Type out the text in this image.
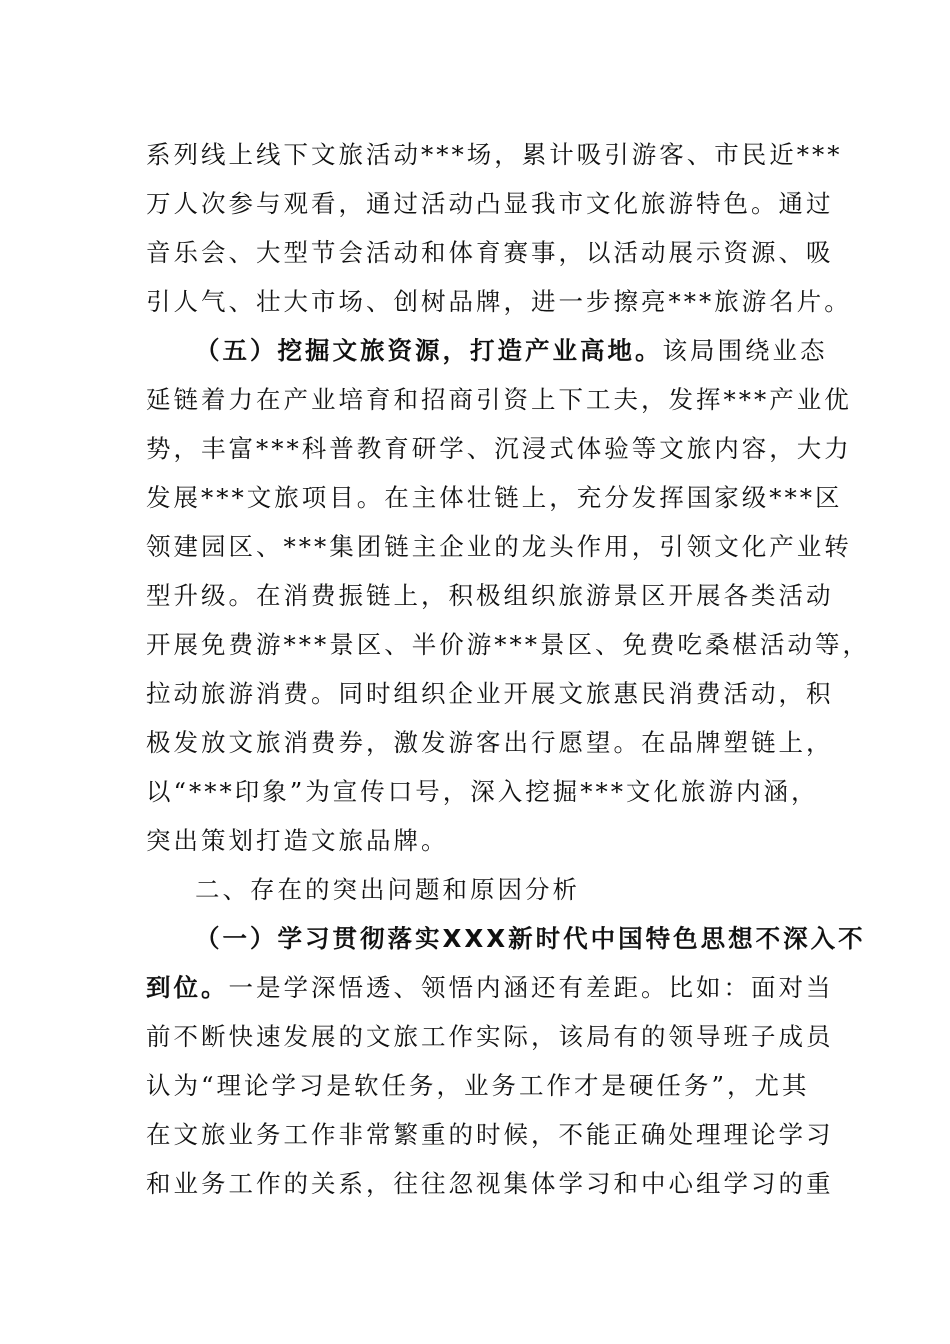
系列线上线下文旅活动***场，累计吸引游客、市民近***
万人次参与观看，通过活动凸显我市文化旅游特色。通过
音乐会、大型节会活动和体育赛事，以活动展示资源、吸
引人气、壮大市场、创树品牌，进一步擦亮***旅游名片。
（五）挖掘文旅资源，打造产业高地。该局围绕业态
延链着力在产业培育和招商引资上下工夫，发挥***产业优
势，丰富***科普教育研学、沉浸式体验等文旅内容，大力
发展***文旅项目。在主体壮链上，充分发挥国家级***区
领建园区、***集团链主企业的龙头作用，引领文化产业转
型升级。在消费振链上，积极组织旅游景区开展各类活动
开展免费游***景区、半价游***景区、免费吃桑椹活动等，
拉动旅游消费。同时组织企业开展文旅惠民消费活动，积
极发放文旅消费券，激发游客出行愿望。在品牌塑链上，
以“***印象”为宣传口号，深入挖掘***文化旅游内涵，
突出策划打造文旅品牌。
二、存在的突出问题和原因分析
（一）学习贯彻落实XXX新时代中国特色思想不深入不
到位。一是学深悟透、领悟内涵还有差距。比如：面对当
前不断快速发展的文旅工作实际，该局有的领导班子成员
认为“理论学习是软任务，业务工作才是硬任务”，尤其
在文旅业务工作非常繁重的时候，不能正确处理理论学习
和业务工作的关系，往往忽视集体学习和中心组学习的重
